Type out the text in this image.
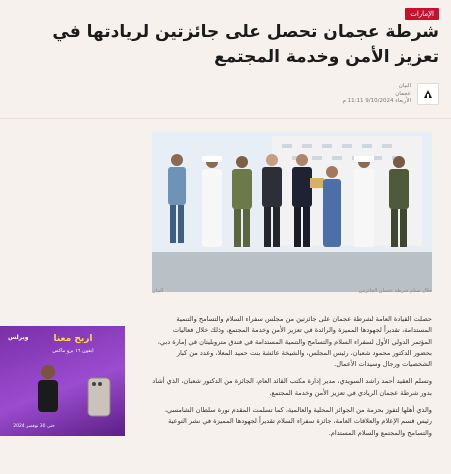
الإمارات
شرطة عجمان تحصل على جائزتين لريادتها في تعزيز الأمن وخدمة المجتمع
البيان
عجمان
الأربعاء 9/10/2024 11:11 م
خلال تسلم شرطة عجمان الجائزتين
البيان

حصلت القيادة العامة لشرطة عجمان على جائزتين من مجلس سفراء السلام والتسامح والتنمية المستدامة، تقديراً لجهودها المميزة والرائدة في تعزيز الأمن وخدمة المجتمع، وذلك خلال فعاليات المؤتمر الدولي الأول لسفراء السلام والتسامح والتنمية المستدامة في فندق متروبليتان في إمارة دبي، بحضور الدكتور محمود شعبان، رئيس المجلس، والشيخة عائشة بنت حميد المعلا، وعدد من كبار الشخصيات ورجال وسيدات الأعمال.

وتسلم العقيد أحمد راشد السويدي، مدير إدارة مكتب القائد العام، الجائزة من الدكتور شعبان، الذي أشاد بدور شرطة عجمان الريادي في تعزيز الأمن وخدمة المجتمع.

والذي أهلها لتفوز بحزمة من الجوائز المحلية والعالمية، كما تسلمت المقدم نورة سلطان الشامسي، رئيس قسم الإعلام والعلاقات العامة، جائزة سفراء السلام تقديراً لجهودها المميزة في نشر التوعية والتسامح والمجتمع والسلام المستدام.

ويرلس	اربح معنا
ايفون ١٦ برو ماكس
حتى 30 نوفمبر 2024
